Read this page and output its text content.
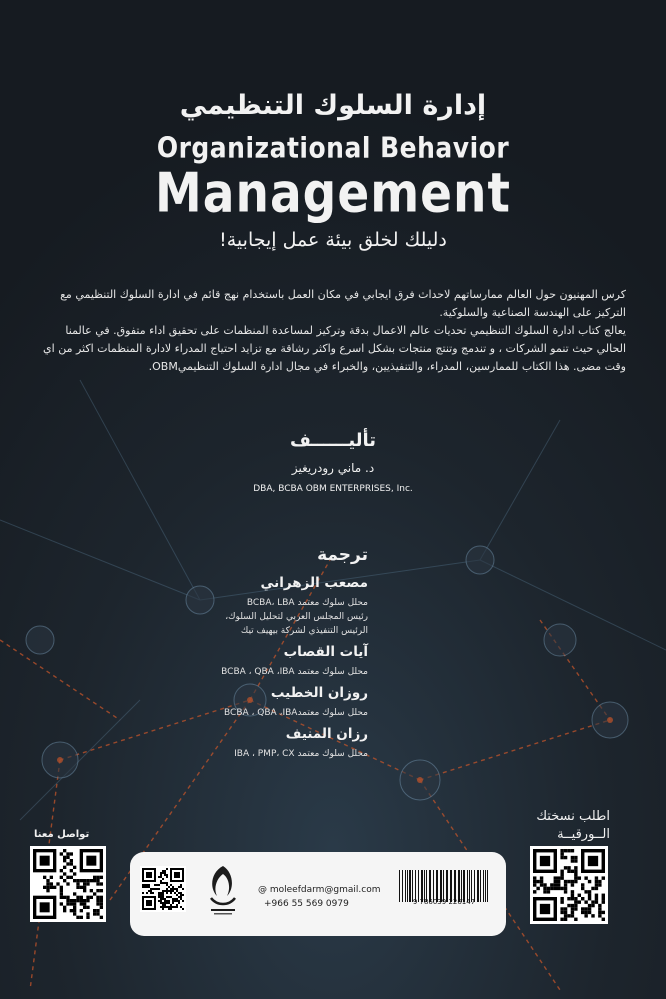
إدارة السلوك التنظيمي
Organizational Behavior
Management
دليلك لخلق بيئة عمل إيجابية!

كرس المهنيون حول العالم ممارساتهم لاحداث فرق ايجابي في مكان العمل باستخدام نهج قائم في ادارة السلوك التنظيمي مع التركيز على الهندسة الصناعية والسلوكية.

يعالج كتاب ادارة السلوك التنظيمي تحديات عالم الاعمال بدقة وتركيز لمساعدة المنظمات على تحقيق اداء متفوق. في عالمنا الحالي حيث تنمو الشركات ، و تندمج وتنتج منتجات بشكل اسرع واكثر رشاقة مع تزايد احتياج المدراء لادارة المنظمات اكثر من اي وقت مضى. هذا الكتاب للممارسين، المدراء، والتنفيذيين، والخبراء في مجال ادارة السلوك التنظيميOBM.

تأليــــــف
د. ماني رودريغيز
DBA, BCBA OBM ENTERPRISES, Inc.
ترجمة
مصعب الزهراني
محلل سلوك معتمد BCBA، LBA
رئيس المجلس العربي لتحليل السلوك،
الرئيس التنفيذي لشركة بيهيف تيك
آيات القصاب
محلل سلوك معتمد BCBA ، QBA ،IBA
روزان الخطيب
محلل سلوك معتمدBCBA ، QBA ،IBA
رزان المنيف
محلل سلوك معتمد IBA ، PMP، CX
تواصل معنا
اطلب نسختك
الــورقيــة
@ moleefdarm@gmail.com
+966 55 569 0979	9 786039 226147
